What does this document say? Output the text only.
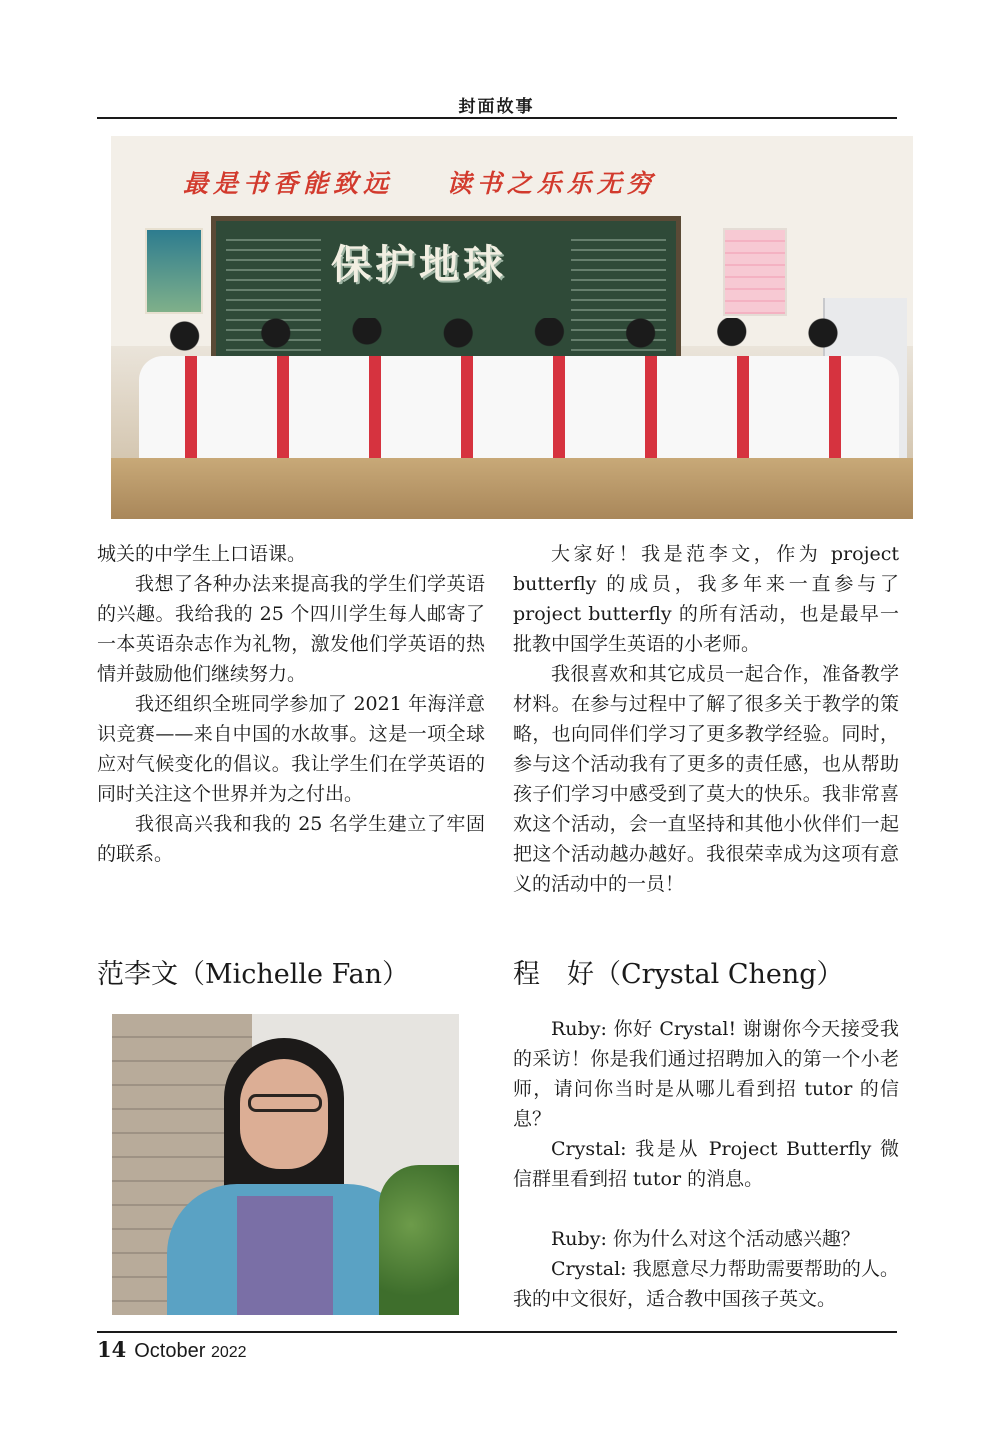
封面故事
最是书香能致远 读书之乐乐无穷
保护地球

城关的中学生上口语课。

我想了各种办法来提高我的学生们学英语的兴趣。我给我的 25 个四川学生每人邮寄了一本英语杂志作为礼物，激发他们学英语的热情并鼓励他们继续努力。

我还组织全班同学参加了 2021 年海洋意识竞赛——来自中国的水故事。这是一项全球应对气候变化的倡议。我让学生们在学英语的同时关注这个世界并为之付出。

我很高兴我和我的 25 名学生建立了牢固的联系。

大家好！我是范李文，作为 project butterfly 的成员，我多年来一直参与了 project butterfly 的所有活动，也是最早一批教中国学生英语的小老师。

我很喜欢和其它成员一起合作，准备教学材料。在参与过程中了解了很多关于教学的策略，也向同伴们学习了更多教学经验。同时，参与这个活动我有了更多的责任感，也从帮助孩子们学习中感受到了莫大的快乐。我非常喜欢这个活动，会一直坚持和其他小伙伴们一起把这个活动越办越好。我很荣幸成为这项有意义的活动中的一员！

范李文（Michelle Fan）	程　好（Crystal Cheng）

Ruby: 你好 Crystal! 谢谢你今天接受我的采访！你是我们通过招聘加入的第一个小老师，请问你当时是从哪儿看到招 tutor 的信息？

Crystal: 我是从 Project Butterfly 微信群里看到招 tutor 的消息。

Ruby: 你为什么对这个活动感兴趣？

Crystal: 我愿意尽力帮助需要帮助的人。我的中文很好，适合教中国孩子英文。

14 October 2022
